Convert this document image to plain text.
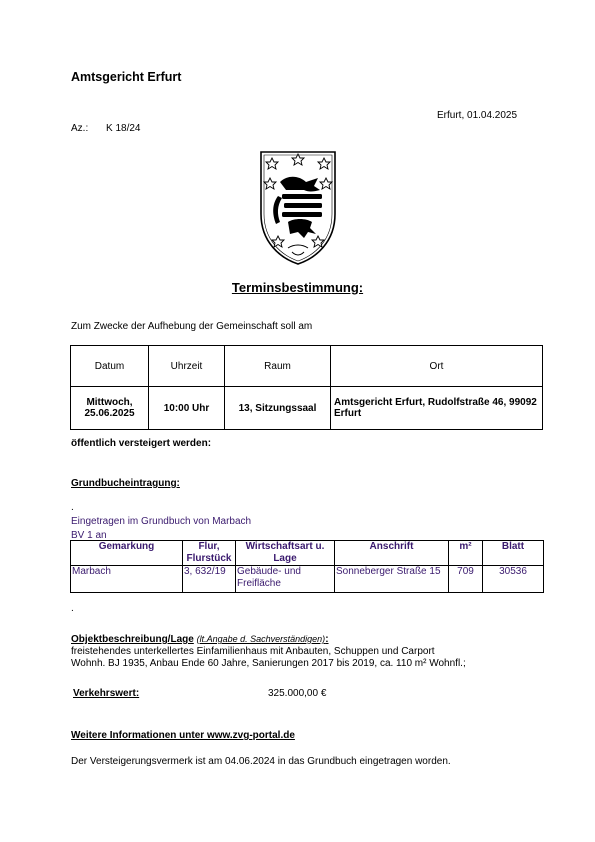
Amtsgericht Erfurt
Erfurt, 01.04.2025
Az.: K 18/24
Terminsbestimmung:
Zum Zwecke der Aufhebung der Gemeinschaft soll am
Datum	Uhrzeit	Raum	Ort

Mittwoch,
25.06.2025	10:00 Uhr	13, Sitzungssaal	Amtsgericht Erfurt, Rudolfstraße 46, 99092 Erfurt
öffentlich versteigert werden:
Grundbucheintragung:
.
Eingetragen im Grundbuch von Marbach
BV 1 an
Gemarkung	Flur, Flurstück	Wirtschaftsart u. Lage	Anschrift	m²	Blatt
Marbach	3, 632/19	Gebäude- und Freifläche	Sonneberger Straße 15	709	30536
.
Objektbeschreibung/Lage (lt.Angabe d. Sachverständigen):
freistehendes unterkellertes Einfamilienhaus mit Anbauten, Schuppen und Carport
Wohnh. BJ 1935, Anbau Ende 60 Jahre, Sanierungen 2017 bis 2019, ca. 110 m² Wohnfl.;
Verkehrswert:	325.000,00 €
Weitere Informationen unter www.zvg-portal.de
Der Versteigerungsvermerk ist am 04.06.2024 in das Grundbuch eingetragen worden.
